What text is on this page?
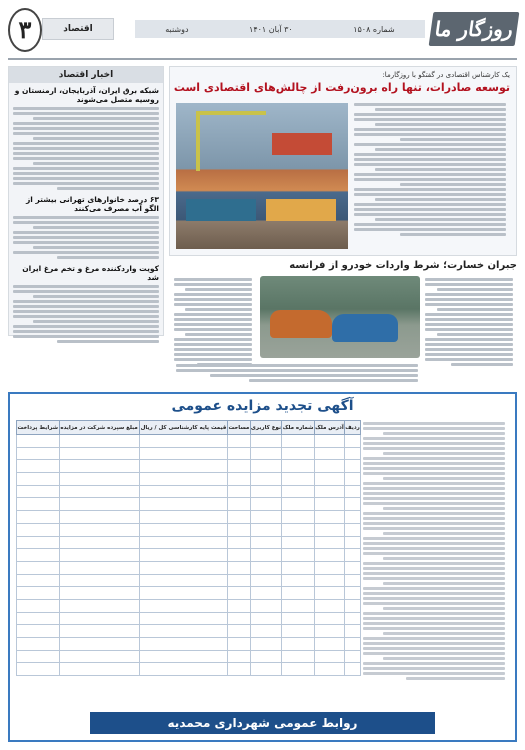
روزگار ما
شماره ۱۵۰۸
۳۰ آبان ۱۴۰۱
دوشنبه
اقتصاد
۳
یک کارشناس اقتصادی در گفتگو با روزگارما:
توسعه صادرات، تنها راه برون‌رفت از چالش‌های اقتصادی است
اخبار اقتصاد
شبکه برق ایران، آذربایجان، ارمنستان و روسیه متصل می‌شوند
۶۳ درصد خانوارهای تهرانی بیشتر از الگو آب مصرف می‌کنند
کویت واردکننده مرغ و تخم مرغ ایران شد
جبران خسارت؛ شرط واردات خودرو از فرانسه
آگهی تجدید مزایده عمومی
ردیف	آدرس ملک	شماره ملک	نوع کاربری	مساحت	قیمت پایه کارشناسی کل / ریال	مبلغ سپرده شرکت در مزایده	شرایط پرداخت

روابط عمومی شهرداری محمدیه
